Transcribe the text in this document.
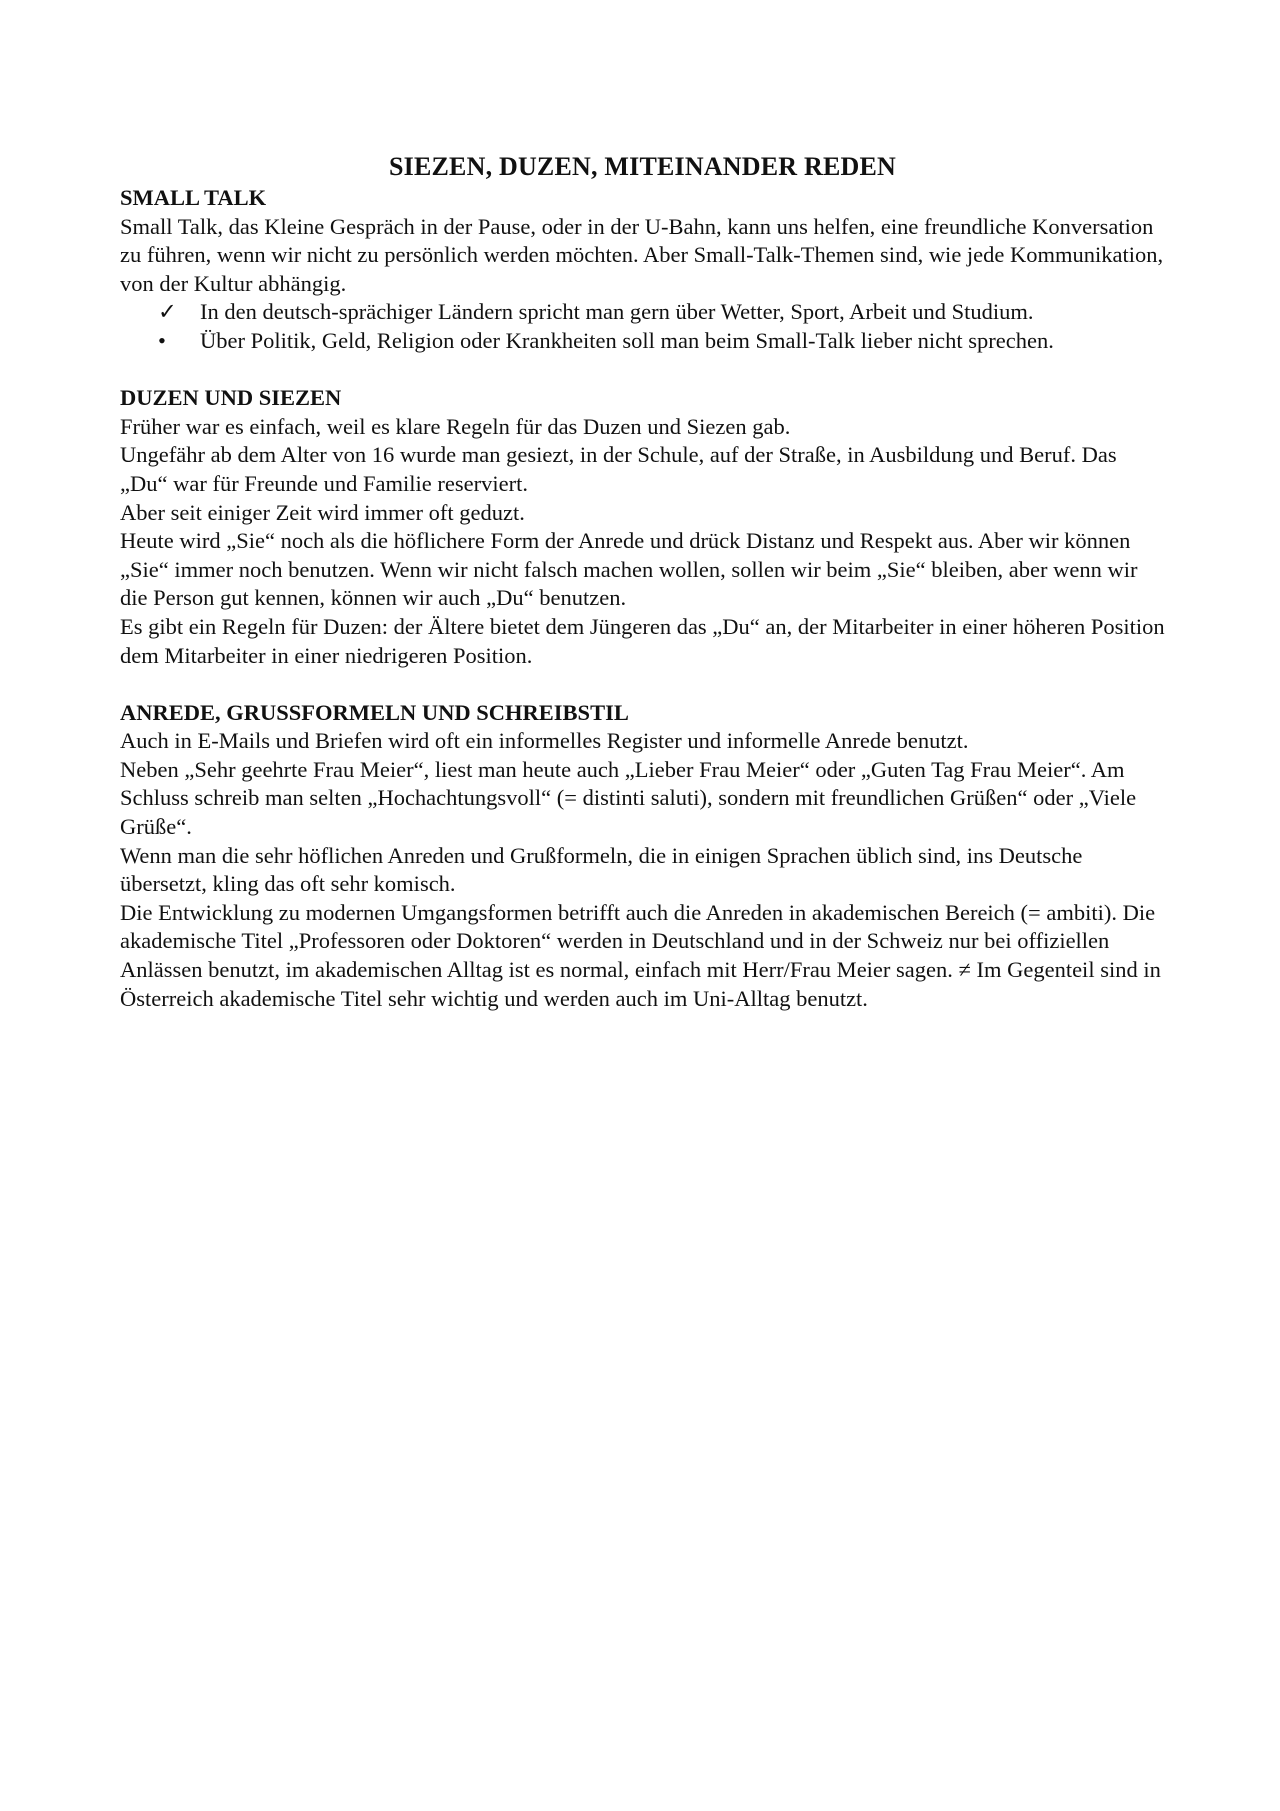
SIEZEN, DUZEN, MITEINANDER REDEN
SMALL TALK

Small Talk, das Kleine Gespräch in der Pause, oder in der U-Bahn, kann uns helfen, eine freundliche Konversation zu führen, wenn wir nicht zu persönlich werden möchten. Aber Small-Talk-Themen sind, wie jede Kommunikation, von der Kultur abhängig.

✓	In den deutsch-sprächiger Ländern spricht man gern über Wetter, Sport, Arbeit und Studium.
•	Über Politik, Geld, Religion oder Krankheiten soll man beim Small-Talk lieber nicht sprechen.
DUZEN UND SIEZEN

Früher war es einfach, weil es klare Regeln für das Duzen und Siezen gab.

Ungefähr ab dem Alter von 16 wurde man gesiezt, in der Schule, auf der Straße, in Ausbildung und Beruf. Das „Du“ war für Freunde und Familie reserviert.

Aber seit einiger Zeit wird immer oft geduzt.

Heute wird „Sie“ noch als die höflichere Form der Anrede und drück Distanz und Respekt aus. Aber wir können „Sie“ immer noch benutzen. Wenn wir nicht falsch machen wollen, sollen wir beim „Sie“ bleiben, aber wenn wir die Person gut kennen, können wir auch „Du“ benutzen.

Es gibt ein Regeln für Duzen: der Ältere bietet dem Jüngeren das „Du“ an, der Mitarbeiter in einer höheren Position dem Mitarbeiter in einer niedrigeren Position.

ANREDE, GRUSSFORMELN UND SCHREIBSTIL

Auch in E-Mails und Briefen wird oft ein informelles Register und informelle Anrede benutzt.

Neben „Sehr geehrte Frau Meier“, liest man heute auch „Lieber Frau Meier“ oder „Guten Tag Frau Meier“. Am Schluss schreib man selten „Hochachtungsvoll“ (= distinti saluti), sondern mit freundlichen Grüßen“ oder „Viele Grüße“.

Wenn man die sehr höflichen Anreden und Grußformeln, die in einigen Sprachen üblich sind, ins Deutsche übersetzt, kling das oft sehr komisch.

Die Entwicklung zu modernen Umgangsformen betrifft auch die Anreden in akademischen Bereich (= ambiti). Die akademische Titel „Professoren oder Doktoren“ werden in Deutschland und in der Schweiz nur bei offiziellen Anlässen benutzt, im akademischen Alltag ist es normal, einfach mit Herr/Frau Meier sagen. ≠ Im Gegenteil sind in Österreich akademische Titel sehr wichtig und werden auch im Uni-Alltag benutzt.
